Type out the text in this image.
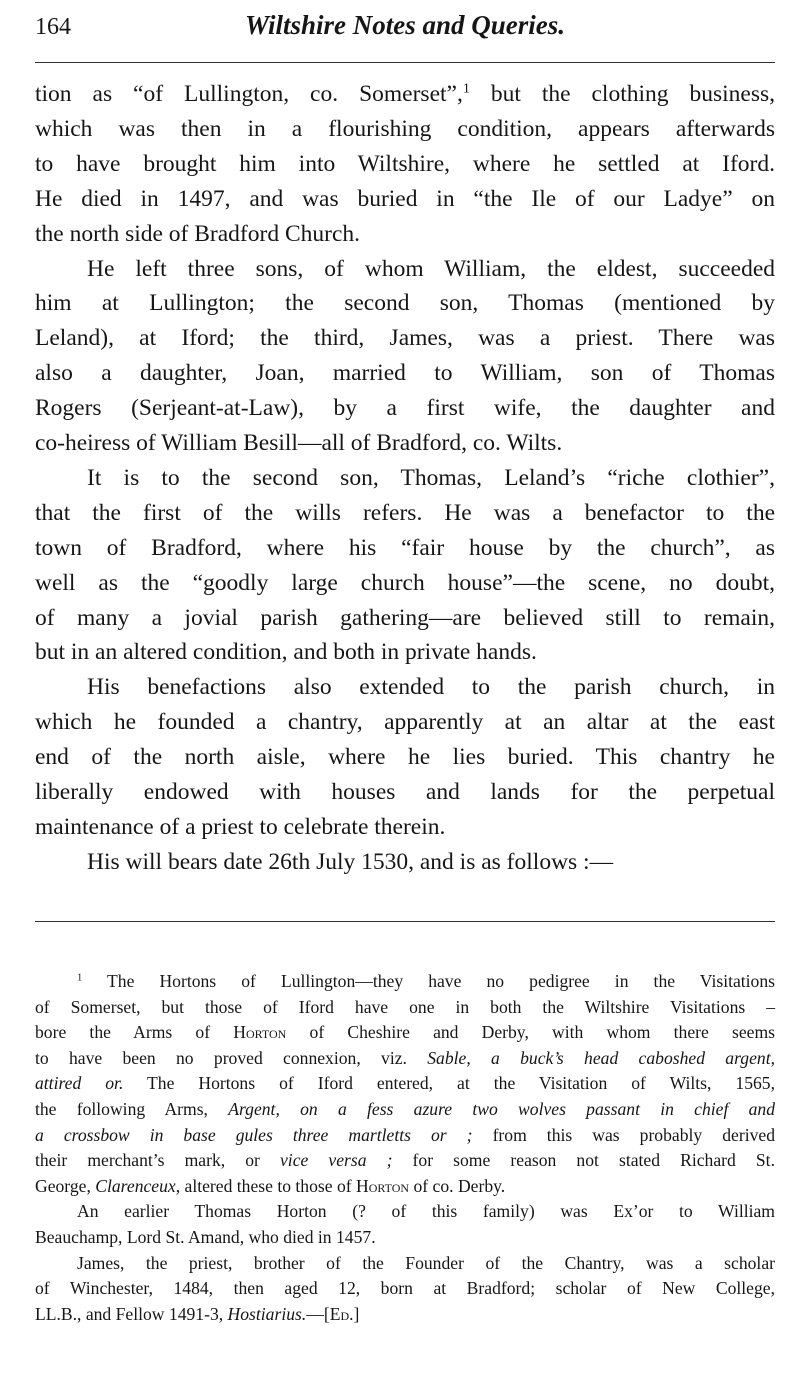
164	Wiltshire Notes and Queries.
tion as “of Lullington, co. Somerset”,$^1$ but the clothing business,
which was then in a flourishing condition, appears afterwards
to have brought him into Wiltshire, where he settled at Iford.
He died in 1497, and was buried in “the Ile of our Ladye” on
the north side of Bradford Church.
He left three sons, of whom William, the eldest, succeeded
him at Lullington; the second son, Thomas (mentioned by
Leland), at Iford; the third, James, was a priest. There was
also a daughter, Joan, married to William, son of Thomas
Rogers (Serjeant-at-Law), by a first wife, the daughter and
co-heiress of William Besill—all of Bradford, co. Wilts.
It is to the second son, Thomas, Leland’s “riche clothier”,
that the first of the wills refers. He was a benefactor to the
town of Bradford, where his “fair house by the church”, as
well as the “goodly large church house”—the scene, no doubt,
of many a jovial parish gathering—are believed still to remain,
but in an altered condition, and both in private hands.
His benefactions also extended to the parish church, in
which he founded a chantry, apparently at an altar at the east
end of the north aisle, where he lies buried. This chantry he
liberally endowed with houses and lands for the perpetual
maintenance of a priest to celebrate therein.
His will bears date 26th July 1530, and is as follows :—
$^1$ The Hortons of Lullington—they have no pedigree in the Visitations
of Somerset, but those of Iford have one in both the Wiltshire Visitations –
bore the Arms of Horton of Cheshire and Derby, with whom there seems
to have been no proved connexion, viz. Sable, a buck’s head caboshed argent,
attired or. The Hortons of Iford entered, at the Visitation of Wilts, 1565,
the following Arms, Argent, on a fess azure two wolves passant in chief and
a crossbow in base gules three martletts or ; from this was probably derived
their merchant’s mark, or vice versa ; for some reason not stated Richard St.
George, Clarenceux, altered these to those of Horton of co. Derby.
An earlier Thomas Horton (? of this family) was Ex’or to William
Beauchamp, Lord St. Amand, who died in 1457.
James, the priest, brother of the Founder of the Chantry, was a scholar
of Winchester, 1484, then aged 12, born at Bradford; scholar of New College,
LL.B., and Fellow 1491-3, Hostiarius.—[Ed.]
